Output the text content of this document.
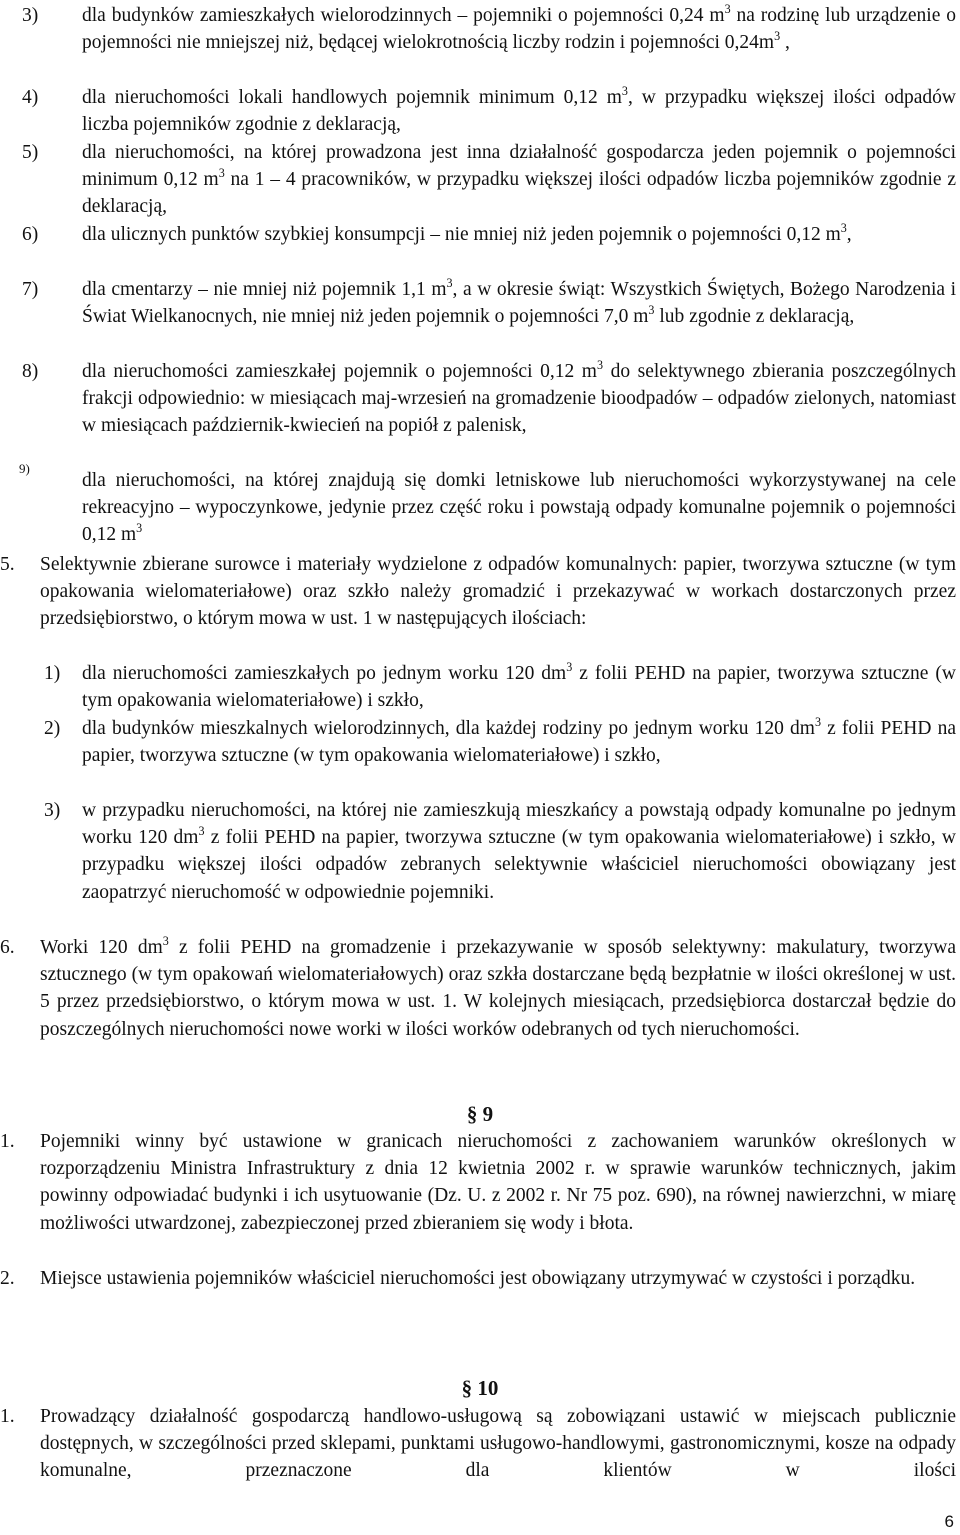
3) dla budynków zamieszkałych wielorodzinnych – pojemniki o pojemności 0,24 $m^3$ na rodzinę lub urządzenie o pojemności nie mniejszej niż, będącej wielokrotnością liczby rodzin i pojemności $0,24m^3$ ,
4) dla nieruchomości lokali handlowych pojemnik minimum 0,12 $m^3$, w przypadku większej ilości odpadów liczba pojemników zgodnie z deklaracją,
5) dla nieruchomości, na której prowadzona jest inna działalność gospodarcza jeden pojemnik o pojemności minimum 0,12 $m^3$ na 1 – 4 pracowników, w przypadku większej ilości odpadów liczba pojemników zgodnie z deklaracją,
6) dla ulicznych punktów szybkiej konsumpcji – nie mniej niż jeden pojemnik o pojemności 0,12 $m^3$,
7) dla cmentarzy – nie mniej niż pojemnik 1,1 $m^3$, a w okresie świąt: Wszystkich Świętych, Bożego Narodzenia i Świat Wielkanocnych, nie mniej niż jeden pojemnik o pojemności 7,0 $m^3$ lub zgodnie z deklaracją,
8) dla nieruchomości zamieszkałej pojemnik o pojemności 0,12 $m^3$ do selektywnego zbierania poszczególnych frakcji odpowiednio: w miesiącach maj-wrzesień na gromadzenie bioodpadów – odpadów zielonych, natomiast w miesiącach październik-kwiecień na popiół z palenisk,
9)
dla nieruchomości, na której znajdują się domki letniskowe lub nieruchomości wykorzystywanej na cele rekreacyjno – wypoczynkowe, jedynie przez część roku i powstają odpady komunalne pojemnik o pojemności 0,12 $m^3$
5. Selektywnie zbierane surowce i materiały wydzielone z odpadów komunalnych: papier, tworzywa sztuczne (w tym opakowania wielomateriałowe) oraz szkło należy gromadzić i przekazywać w workach dostarczonych przez przedsiębiorstwo, o którym mowa w ust. 1 w następujących ilościach:
1) dla nieruchomości zamieszkałych po jednym worku 120 $dm^3$ z folii PEHD na papier, tworzywa sztuczne (w tym opakowania wielomateriałowe) i szkło,
2) dla budynków mieszkalnych wielorodzinnych, dla każdej rodziny po jednym worku 120 $dm^3$ z folii PEHD na papier, tworzywa sztuczne (w tym opakowania wielomateriałowe) i szkło,
3) w przypadku nieruchomości, na której nie zamieszkują mieszkańcy a powstają odpady komunalne po jednym worku 120 $dm^3$ z folii PEHD na papier, tworzywa sztuczne (w tym opakowania wielomateriałowe) i szkło, w przypadku większej ilości odpadów zebranych selektywnie właściciel nieruchomości obowiązany jest zaopatrzyć nieruchomość w odpowiednie pojemniki.
6. Worki 120 $dm^3$ z folii PEHD na gromadzenie i przekazywanie w sposób selektywny: makulatury, tworzywa sztucznego (w tym opakowań wielomateriałowych) oraz szkła dostarczane będą bezpłatnie w ilości określonej w ust. 5 przez przedsiębiorstwo, o którym mowa w ust. 1. W kolejnych miesiącach, przedsiębiorca dostarczał będzie do poszczególnych nieruchomości nowe worki w ilości worków odebranych od tych nieruchomości.
§ 9
1. Pojemniki winny być ustawione w granicach nieruchomości z zachowaniem warunków określonych w rozporządzeniu Ministra Infrastruktury z dnia 12 kwietnia 2002 r. w sprawie warunków technicznych, jakim powinny odpowiadać budynki i ich usytuowanie (Dz. U. z 2002 r. Nr 75 poz. 690), na równej nawierzchni, w miarę możliwości utwardzonej, zabezpieczonej przed zbieraniem się wody i błota.
2. Miejsce ustawienia pojemników właściciel nieruchomości jest obowiązany utrzymywać w czystości i porządku.
§ 10
1. Prowadzący działalność gospodarczą handlowo-usługową są zobowiązani ustawić w miejscach publicznie dostępnych, w szczególności przed sklepami, punktami usługowo-handlowymi, gastronomicznymi, kosze na odpady komunalne, przeznaczone dla klientów w ilości
6
